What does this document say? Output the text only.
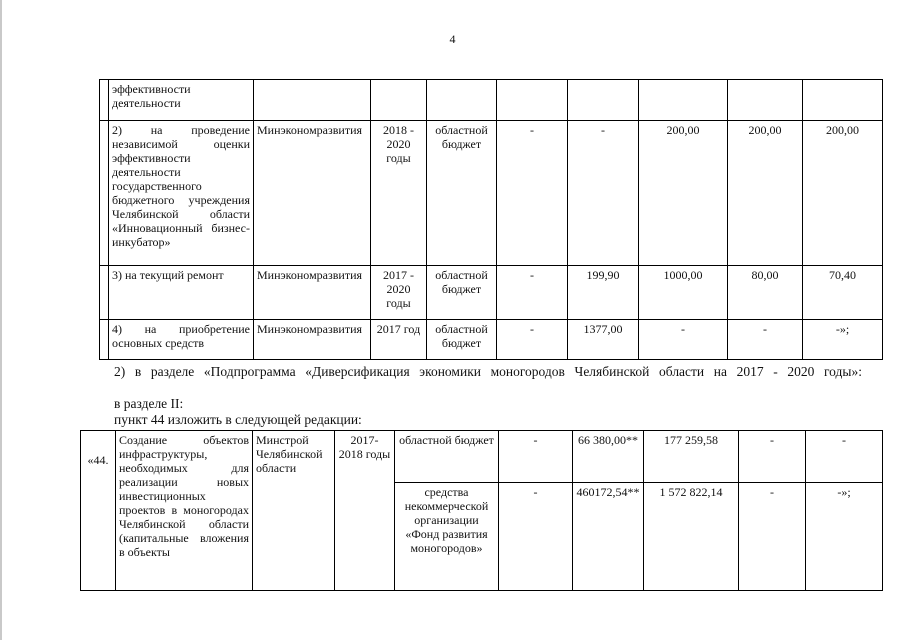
4
	эффективности деятельности								
	2) на проведение независимой оценки эффективности деятельности государственного бюджетного учреждения Челябинской области «Инновационный бизнес-инкубатор»	Минэкономразвития	2018 - 2020 годы	областной бюджет	-	-	200,00	200,00	200,00
	3) на текущий ремонт	Минэкономразвития	2017 - 2020 годы	областной бюджет	-	199,90	1000,00	80,00	70,40
	4) на приобретение основных средств	Минэкономразвития	2017 год	областной бюджет	-	1377,00	-	-	-»;
2) в разделе «Подпрограмма «Диверсификация экономики моногородов Челябинской области на 2017 - 2020 годы»:
в разделе II:
пункт 44 изложить в следующей редакции:
«44.	Создание объектов инфраструктуры, необходимых для реализации новых инвестиционных проектов в моногородах Челябинской области (капитальные вложения в объекты	Минстрой Челябинской области	2017- 2018 годы	областной бюджет	-	66 380,00**	177 259,58	-	-
				средства некоммерческой организации «Фонд развития моногородов»	-	460172,54**	1 572 822,14	-	-»;
